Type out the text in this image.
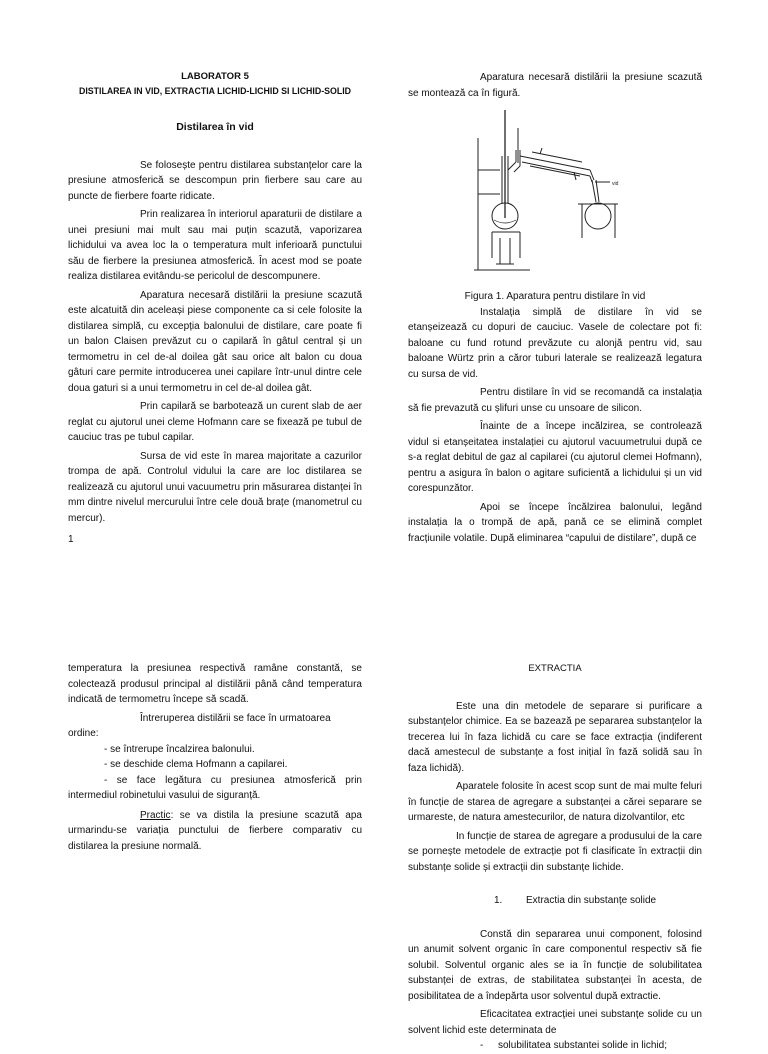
LABORATOR 5
DISTILAREA IN VID, EXTRACTIA LICHID-LICHID SI LICHID-SOLID
Distilarea în vid

Se folosește pentru distilarea substanțelor care la presiune atmosferică se descompun prin fierbere sau care au puncte de fierbere foarte ridicate.

Prin realizarea în interiorul aparaturii de distilare a unei presiuni mai mult sau mai puțin scazută, vaporizarea lichidului va avea loc la o temperatura mult inferioară punctului său de fierbere la presiunea atmosferică. În acest mod se poate realiza distilarea evitându-se pericolul de descompunere.

Aparatura necesară distilării la presiune scazută este alcatuită din aceleași piese componente ca si cele folosite la distilarea simplă, cu excepția balonului de distilare, care poate fi un balon Claisen prevăzut cu o capilară în gâtul central și un termometru in cel de-al doilea gât sau orice alt balon cu doua gâturi care permite introducerea unei capilare într-unul dintre cele doua gaturi si a unui termometru in cel de-al doilea gât.

Prin capilară se barbotează un curent slab de aer reglat cu ajutorul unei cleme Hofmann care se fixează pe tubul de cauciuc tras pe tubul capilar.

Sursa de vid este în marea majoritate a cazurilor trompa de apă. Controlul vidului la care are loc distilarea se realizează cu ajutorul unui vacuumetru prin măsurarea distanței în mm dintre nivelul mercurului între cele două brațe (manometrul cu mercur).

1

Aparatura necesară distilării la presiune scazută se montează ca în figură.

vid

Figura 1. Aparatura pentru distilare în vid

Instalația simplă de distilare în vid se etanșeizează cu dopuri de cauciuc. Vasele de colectare pot fi: baloane cu fund rotund prevăzute cu alonjă pentru vid, sau baloane Würtz prin a căror tuburi laterale se realizează legatura cu sursa de vid.

Pentru distilare în vid se recomandă ca instalația să fie prevazută cu șlifuri unse cu unsoare de silicon.

Înainte de a începe incălzirea, se controlează vidul si etanșeitatea instalației cu ajutorul vacuumetrului după ce s-a reglat debitul de gaz al capilarei (cu ajutorul clemei Hofmann), pentru a asigura în balon o agitare suficientă a lichidului și un vid corespunzător.

Apoi se începe încălzirea balonului, legând instalația la o trompă de apă, pană ce se elimină complet fracțiunile volatile. După eliminarea “capului de distilare”, după ce

temperatura la presiunea respectivă ramâne constantă, se colectează produsul principal al distilării până când temperatura indicată de termometru începe să scadă.

Întreruperea distilării se face în urmatoarea ordine:

- se întrerupe încalzirea balonului.

- se deschide clema Hofmann a capilarei.

- se face legătura cu presiunea atmosferică prin intermediul robinetului vasului de siguranță.

Practic: se va distila la presiune scazută apa urmarindu-se variația punctului de fierbere comparativ cu distilarea la presiune normală.

EXTRACTIA

Este una din metodele de separare si purificare a substanțelor chimice. Ea se bazează pe separarea substanțelor la trecerea lui în faza lichidă cu care se face extracția (indiferent dacă amestecul de substanțe a fost inițial în fază solidă sau în faza lichidă).

Aparatele folosite în acest scop sunt de mai multe feluri în funcție de starea de agregare a substanței a cărei separare se urmareste, de natura amestecurilor, de natura dizolvantilor, etc

In funcție de starea de agregare a produsului de la care se pornește metodele de extracție pot fi clasificate în extracții din substanțe solide și extracții din substanțe lichide.

1. Extractia din substanțe solide

Constă din separarea unui component, folosind un anumit solvent organic în care componentul respectiv să fie solubil. Solventul organic ales se ia în funcție de solubilitatea substanței de extras, de stabilitatea substanței în acesta, de posibilitatea de a îndepărta usor solventul după extractie.

Eficacitatea extracției unei substanțe solide cu un solvent lichid este determinata de

- solubilitatea substantei solide in lichid;
